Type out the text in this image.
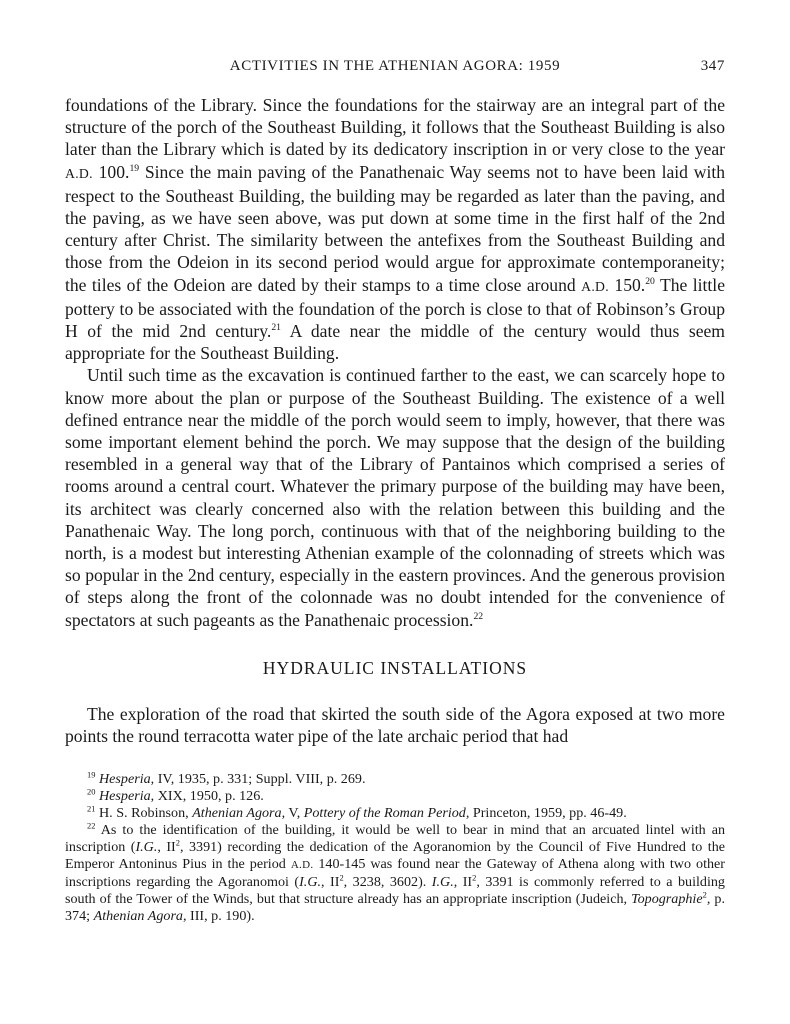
ACTIVITIES IN THE ATHENIAN AGORA: 1959	347

foundations of the Library. Since the foundations for the stairway are an integral part of the structure of the porch of the Southeast Building, it follows that the Southeast Building is also later than the Library which is dated by its dedicatory inscription in or very close to the year A.D. 100.19 Since the main paving of the Panathenaic Way seems not to have been laid with respect to the Southeast Building, the building may be regarded as later than the paving, and the paving, as we have seen above, was put down at some time in the first half of the 2nd century after Christ. The similarity between the antefixes from the Southeast Building and those from the Odeion in its second period would argue for approximate contemporaneity; the tiles of the Odeion are dated by their stamps to a time close around A.D. 150.20 The little pottery to be associated with the foundation of the porch is close to that of Robinson’s Group H of the mid 2nd century.$^{21}$ A date near the middle of the century would thus seem appropriate for the Southeast Building.

Until such time as the excavation is continued farther to the east, we can scarcely hope to know more about the plan or purpose of the Southeast Building. The existence of a well defined entrance near the middle of the porch would seem to imply, however, that there was some important element behind the porch. We may suppose that the design of the building resembled in a general way that of the Library of Pantainos which comprised a series of rooms around a central court. Whatever the primary purpose of the building may have been, its architect was clearly concerned also with the relation between this building and the Panathenaic Way. The long porch, continuous with that of the neighboring building to the north, is a modest but interesting Athenian example of the colonnading of streets which was so popular in the 2nd century, especially in the eastern provinces. And the generous provision of steps along the front of the colonnade was no doubt intended for the convenience of spectators at such pageants as the Panathenaic procession.$^{22}$

HYDRAULIC INSTALLATIONS

The exploration of the road that skirted the south side of the Agora exposed at two more points the round terracotta water pipe of the late archaic period that had

$^{19}$ Hesperia, IV, 1935, p. 331; Suppl. VIII, p. 269.

$^{20}$ Hesperia, XIX, 1950, p. 126.

$^{21}$ H. S. Robinson, Athenian Agora, V, Pottery of the Roman Period, Princeton, 1959, pp. 46-49.

$^{22}$ As to the identification of the building, it would be well to bear in mind that an arcuated lintel with an inscription (I.G., $II^2$, 3391) recording the dedication of the Agoranomion by the Council of Five Hundred to the Emperor Antoninus Pius in the period A.D. 140-145 was found near the Gateway of Athena along with two other inscriptions regarding the Agoranomoi (I.G., $II^2$, 3238, 3602). I.G., $II^2$, 3391 is commonly referred to a building south of the Tower of the Winds, but that structure already has an appropriate inscription (Judeich, Topographie$^2$, p. 374; Athenian Agora, III, p. 190).
